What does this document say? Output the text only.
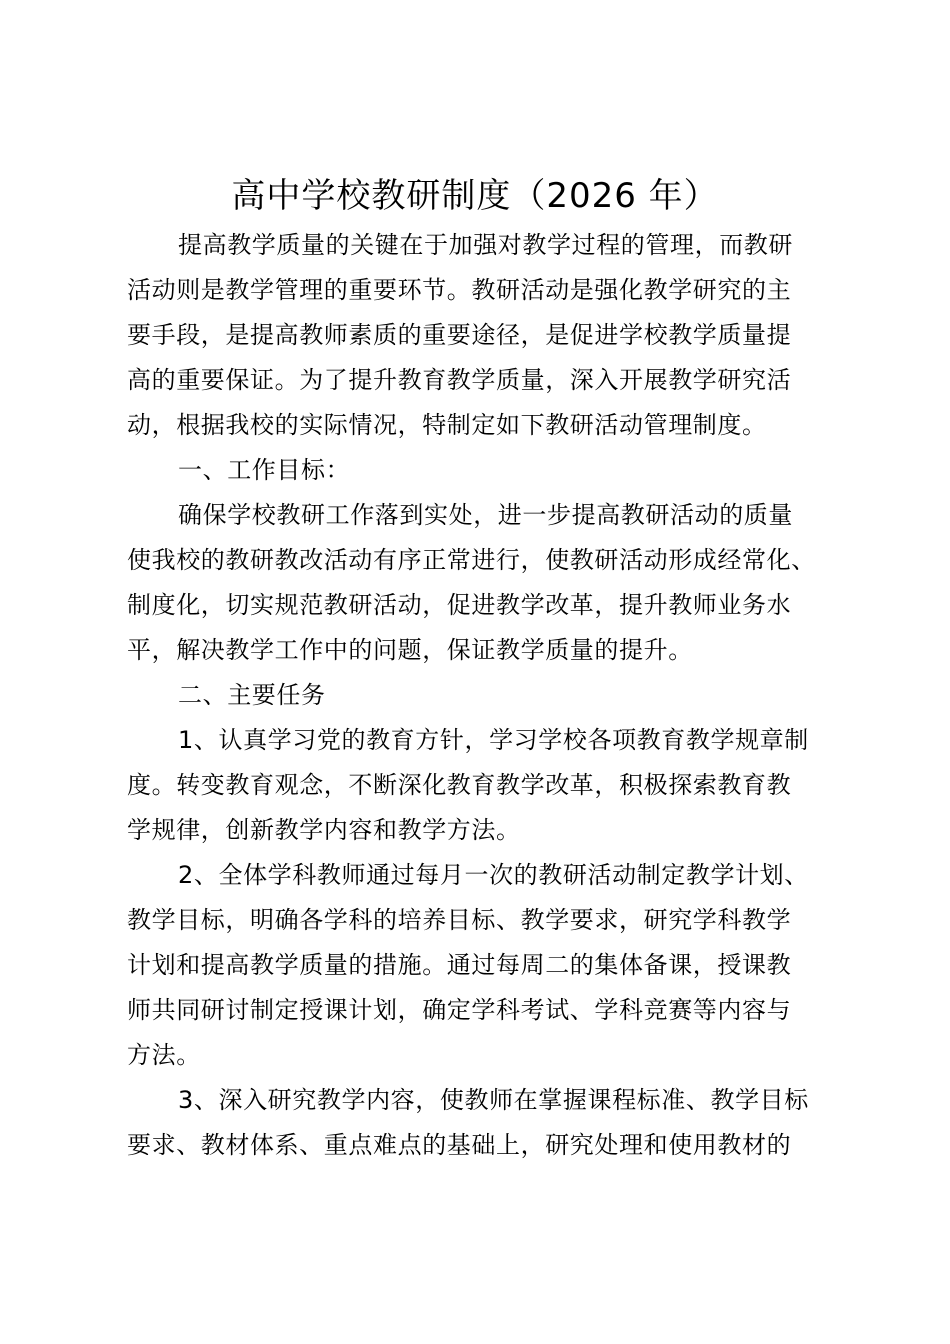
高中学校教研制度（2026 年）
提高教学质量的关键在于加强对教学过程的管理，而教研
活动则是教学管理的重要环节。教研活动是强化教学研究的主
要手段，是提高教师素质的重要途径，是促进学校教学质量提
高的重要保证。为了提升教育教学质量，深入开展教学研究活
动，根据我校的实际情况，特制定如下教研活动管理制度。
一、工作目标：
确保学校教研工作落到实处，进一步提高教研活动的质量
使我校的教研教改活动有序正常进行，使教研活动形成经常化、
制度化，切实规范教研活动，促进教学改革，提升教师业务水
平，解决教学工作中的问题，保证教学质量的提升。
二、主要任务
1、认真学习党的教育方针，学习学校各项教育教学规章制
度。转变教育观念，不断深化教育教学改革，积极探索教育教
学规律，创新教学内容和教学方法。
2、全体学科教师通过每月一次的教研活动制定教学计划、
教学目标，明确各学科的培养目标、教学要求，研究学科教学
计划和提高教学质量的措施。通过每周二的集体备课，授课教
师共同研讨制定授课计划，确定学科考试、学科竞赛等内容与
方法。
3、深入研究教学内容，使教师在掌握课程标准、教学目标
要求、教材体系、重点难点的基础上，研究处理和使用教材的
